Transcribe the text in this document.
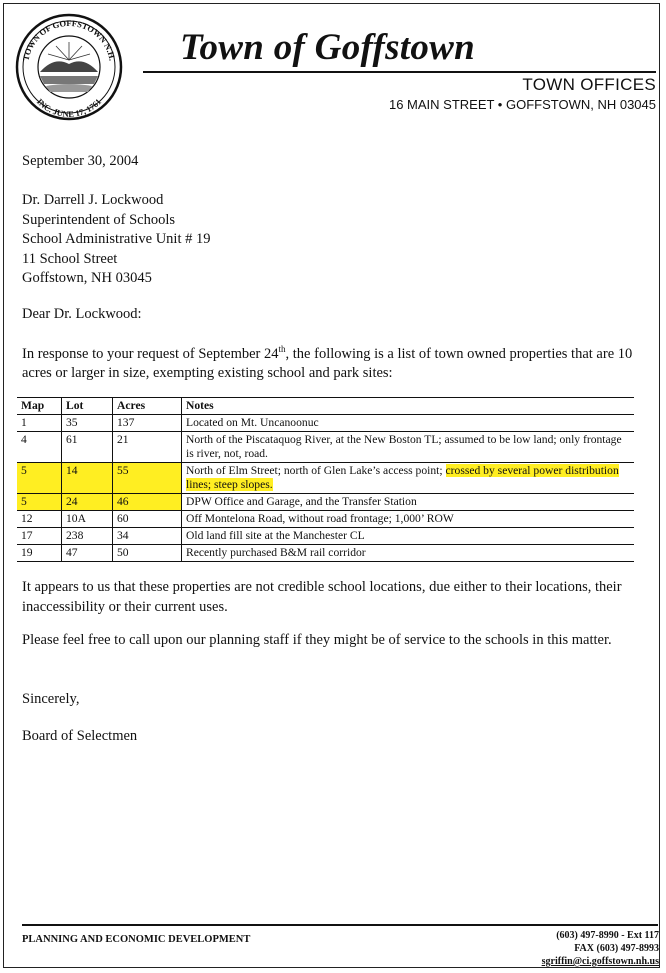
TOWN OF GOFFSTOWN N.H.
INC. JUNE 17, 1761
Town of Goffstown
TOWN OFFICES
16 MAIN STREET • GOFFSTOWN, NH 03045
September 30, 2004
Dr. Darrell J. Lockwood
Superintendent of Schools
School Administrative Unit # 19
11 School Street
Goffstown, NH 03045
Dear Dr. Lockwood:
In response to your request of September 24th, the following is a list of town owned properties that are 10 acres or larger in size, exempting existing school and park sites:
Map	Lot	Acres	Notes
1	35	137	Located on Mt. Uncanoonuc
4	61	21	North of the Piscataquog River, at the New Boston TL; assumed to be low land; only frontage is river, not, road.
5	14	55	North of Elm Street; north of Glen Lake’s access point; crossed by several power distribution lines; steep slopes.
5	24	46	DPW Office and Garage, and the Transfer Station
12	10A	60	Off Montelona Road, without road frontage; 1,000’ ROW
17	238	34	Old land fill site at the Manchester CL
19	47	50	Recently purchased B&M rail corridor
It appears to us that these properties are not credible school locations, due either to their locations, their inaccessibility or their current uses.
Please feel free to call upon our planning staff if they might be of service to the schools in this matter.
Sincerely,
Board of Selectmen
PLANNING AND ECONOMIC DEVELOPMENT	(603) 497-8990 - Ext 117
FAX (603) 497-8993
sgriffin@ci.goffstown.nh.us
